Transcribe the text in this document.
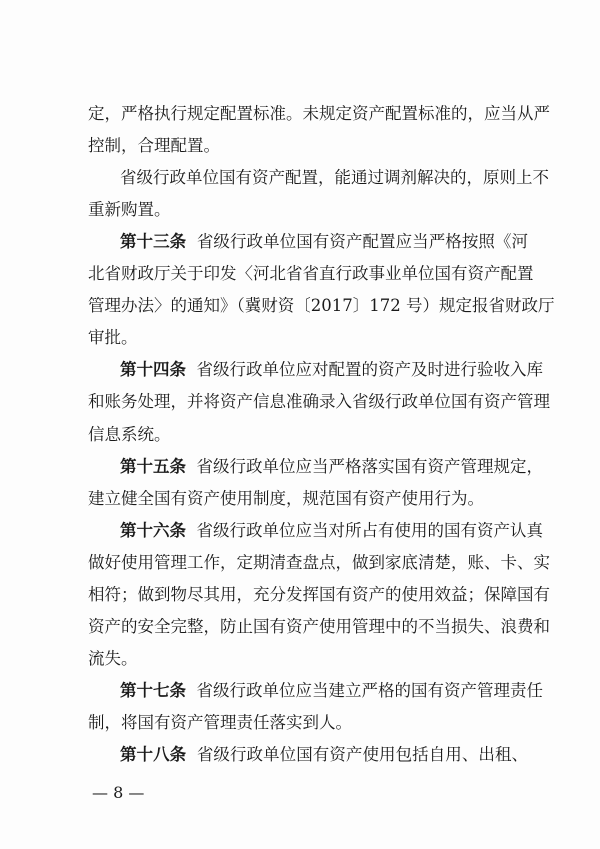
定，严格执行规定配置标准。未规定资产配置标准的，应当从严
控制，合理配置。
省级行政单位国有资产配置，能通过调剂解决的，原则上不
重新购置。
第十三条 省级行政单位国有资产配置应当严格按照《河
北省财政厅关于印发〈河北省省直行政事业单位国有资产配置
管理办法〉的通知》（冀财资〔2017〕172 号）规定报省财政厅
审批。
第十四条 省级行政单位应对配置的资产及时进行验收入库
和账务处理，并将资产信息准确录入省级行政单位国有资产管理
信息系统。
第十五条 省级行政单位应当严格落实国有资产管理规定，
建立健全国有资产使用制度，规范国有资产使用行为。
第十六条 省级行政单位应当对所占有使用的国有资产认真
做好使用管理工作，定期清查盘点，做到家底清楚，账、卡、实
相符；做到物尽其用，充分发挥国有资产的使用效益；保障国有
资产的安全完整，防止国有资产使用管理中的不当损失、浪费和
流失。
— 8 —
第十七条 省级行政单位应当建立严格的国有资产管理责任
制，将国有资产管理责任落实到人。
第十八条 省级行政单位国有资产使用包括自用、出租、
